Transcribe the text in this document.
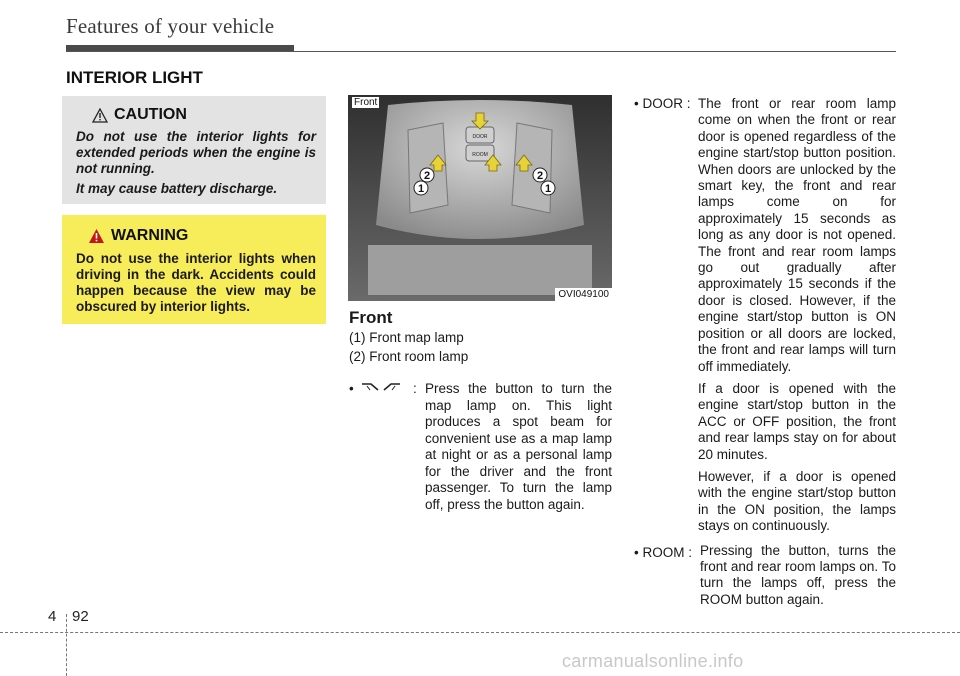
Features of your vehicle
INTERIOR LIGHT
CAUTION

Do not use the interior lights for extended periods when the engine is not running.

It may cause battery discharge.

WARNING
Do not use the interior lights when driving in the dark. Accidents could happen because the view may be obscured by interior lights.
DOOR
ROOM
2
1
2
1
OVI049100
Front
Front
(1) Front map lamp
(2) Front room lamp
•	: Press the button to turn the map lamp on. This light produces a spot beam for convenient use as a map lamp at night or as a personal lamp for the driver and the front passenger. To turn the lamp off, press the button again.
• DOOR : The front or rear room lamp come on when the front or rear door is opened regardless of the engine start/stop button position. When doors are unlocked by the smart key, the front and rear lamps come on for approximately 15 seconds as long as any door is not opened. The front and rear room lamps go out gradually after approximately 15 seconds if the door is closed. However, if the engine start/stop button is ON position or all doors are locked, the front and rear lamps will turn off immediately.
If a door is opened with the engine start/stop button in the ACC or OFF position, the front and rear lamps stay on for about 20 minutes.
However, if a door is opened with the engine start/stop button in the ON position, the lamps stays on continuously.
• ROOM : Pressing the button, turns the front and rear room lamps on. To turn the lamps off, press the ROOM button again.
4 92
carmanualsonline.info
